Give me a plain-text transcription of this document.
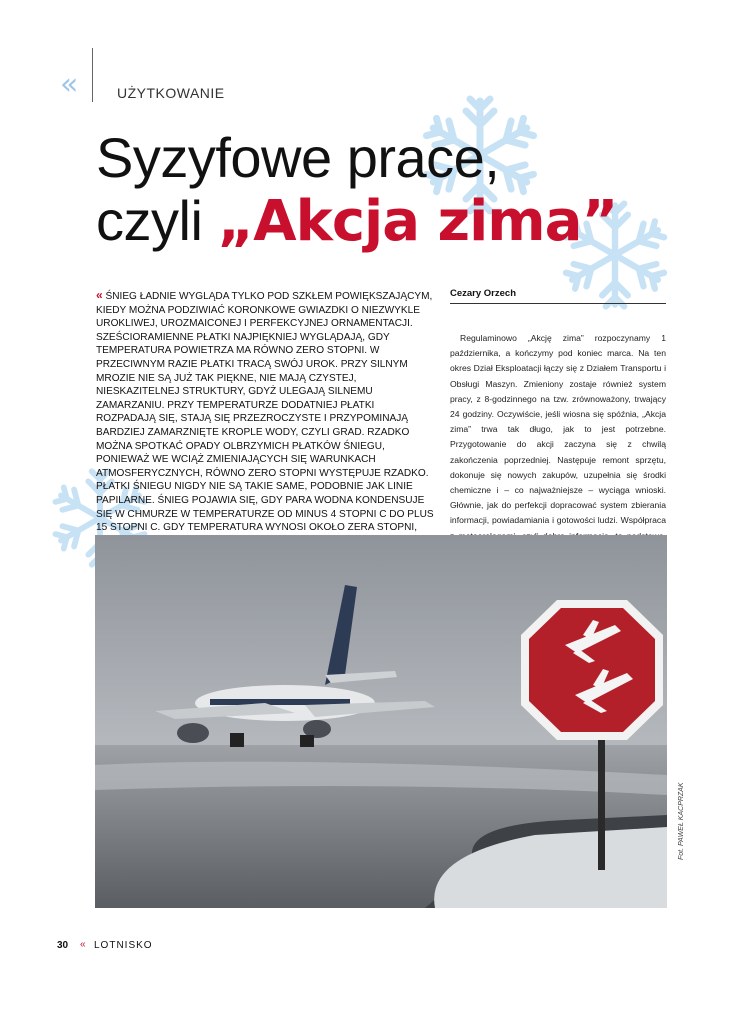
«	UŻYTKOWANIE
Syzyfowe prace,
czyli „Akcja zima”
« ŚNIEG ŁADNIE WYGLĄDA TYLKO POD SZKŁEM POWIĘKSZAJĄCYM, KIEDY MOŻNA PODZIWIAĆ KORONKOWE GWIAZDKI O NIEZWYKLE UROKLIWEJ, UROZMAICONEJ I PERFEKCYJNEJ ORNAMENTACJI. SZEŚCIORAMIENNE PŁATKI NAJPIĘKNIEJ WYGLĄDAJĄ, GDY TEMPERATURA POWIETRZA MA RÓWNO ZERO STOPNI. W PRZECIWNYM RAZIE PŁATKI TRACĄ SWÓJ UROK. PRZY SILNYM MROZIE NIE SĄ JUŻ TAK PIĘKNE, NIE MAJĄ CZYSTEJ, NIESKAZITELNEJ STRUKTURY, GDYŻ ULEGAJĄ SILNEMU ZAMARZANIU. PRZY TEMPERATURZE DODATNIEJ PŁATKI ROZPADAJĄ SIĘ, STAJĄ SIĘ PRZEZROCZYSTE I PRZYPOMINAJĄ BARDZIEJ ZAMARZNIĘTE KROPLE WODY, CZYLI GRAD. RZADKO MOŻNA SPOTKAĆ OPADY OLBRZYMICH PŁATKÓW ŚNIEGU, PONIEWAŻ WE WCIĄŻ ZMIENIAJĄCYCH SIĘ WARUNKACH ATMOSFERYCZNYCH, RÓWNO ZERO STOPNI WYSTĘPUJE RZADKO. PŁATKI ŚNIEGU NIGDY NIE SĄ TAKIE SAME, PODOBNIE JAK LINIE PAPILARNE. ŚNIEG POJAWIA SIĘ, GDY PARA WODNA KONDENSUJE SIĘ W CHMURZE W TEMPERATURZE OD MINUS 4 STOPNI C DO PLUS 15 STOPNI C. GDY TEMPERATURA WYNOSI OKOŁO ZERA STOPNI,
Cezary Orzech

Regulaminowo „Akcję zima” rozpoczynamy 1 października, a kończymy pod koniec marca. Na ten okres Dział Eksploatacji łączy się z Działem Transportu i Obsługi Maszyn. Zmieniony zostaje również system pracy, z 8-godzinnego na tzw. zrównoważony, trwający 24 godziny. Oczywiście, jeśli wiosna się spóźnia, „Akcja zima” trwa tak długo, jak to jest potrzebne. Przygotowanie do akcji zaczyna się z chwilą zakończenia poprzedniej. Następuje remont sprzętu, dokonuje się nowych zakupów, uzupełnia się środki chemiczne i – co najważniejsze – wyciąga wnioski. Głównie, jak do perfekcji dopracować system zbierania informacji, powiadamiania i gotowości ludzi. Współpraca

Fot. PAWEŁ KACPRZAK
30 « LOTNISKO
